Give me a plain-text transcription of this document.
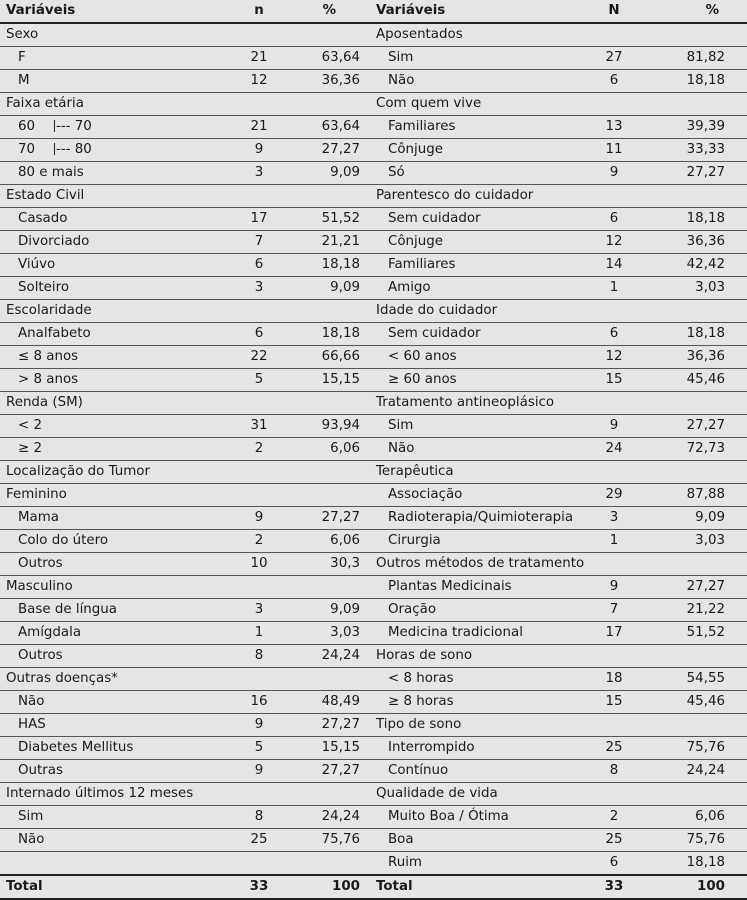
Variáveis	n	%		Variáveis	N	%
Sexo				Aposentados		
F	21	63,64		Sim	27	81,82
M	12	36,36		Não	6	18,18
Faixa etária				Com quem vive		
60 --- 70	21	63,64		Familiares	13	39,39
70 --- 80	9	27,27		Cônjuge	11	33,33
80 e mais	3	9,09		Só	9	27,27
Estado Civil				Parentesco do cuidador		
Casado	17	51,52		Sem cuidador	6	18,18
Divorciado	7	21,21		Cônjuge	12	36,36
Viúvo	6	18,18		Familiares	14	42,42
Solteiro	3	9,09		Amigo	1	3,03
Escolaridade				Idade do cuidador		
Analfabeto	6	18,18		Sem cuidador	6	18,18
≤ 8 anos	22	66,66		< 60 anos	12	36,36
> 8 anos	5	15,15		≥ 60 anos	15	45,46
Renda (SM)				Tratamento antineoplásico		
< 2	31	93,94		Sim	9	27,27
≥ 2	2	6,06		Não	24	72,73
Localização do Tumor				Terapêutica		
Feminino				Associação	29	87,88
Mama	9	27,27		Radioterapia/Quimioterapia	3	9,09
Colo do útero	2	6,06		Cirurgia	1	3,03
Outros	10	30,3		Outros métodos de tratamento		
Masculino				Plantas Medicinais	9	27,27
Base de língua	3	9,09		Oração	7	21,22
Amígdala	1	3,03		Medicina tradicional	17	51,52
Outros	8	24,24		Horas de sono		
Outras doenças*				< 8 horas	18	54,55
Não	16	48,49		≥ 8 horas	15	45,46
HAS	9	27,27		Tipo de sono		
Diabetes Mellitus	5	15,15		Interrompido	25	75,76
Outras	9	27,27		Contínuo	8	24,24
Internado últimos 12 meses				Qualidade de vida		
Sim	8	24,24		Muito Boa / Ótima	2	6,06
Não	25	75,76		Boa	25	75,76
				Ruim	6	18,18
Total	33	100		Total	33	100
